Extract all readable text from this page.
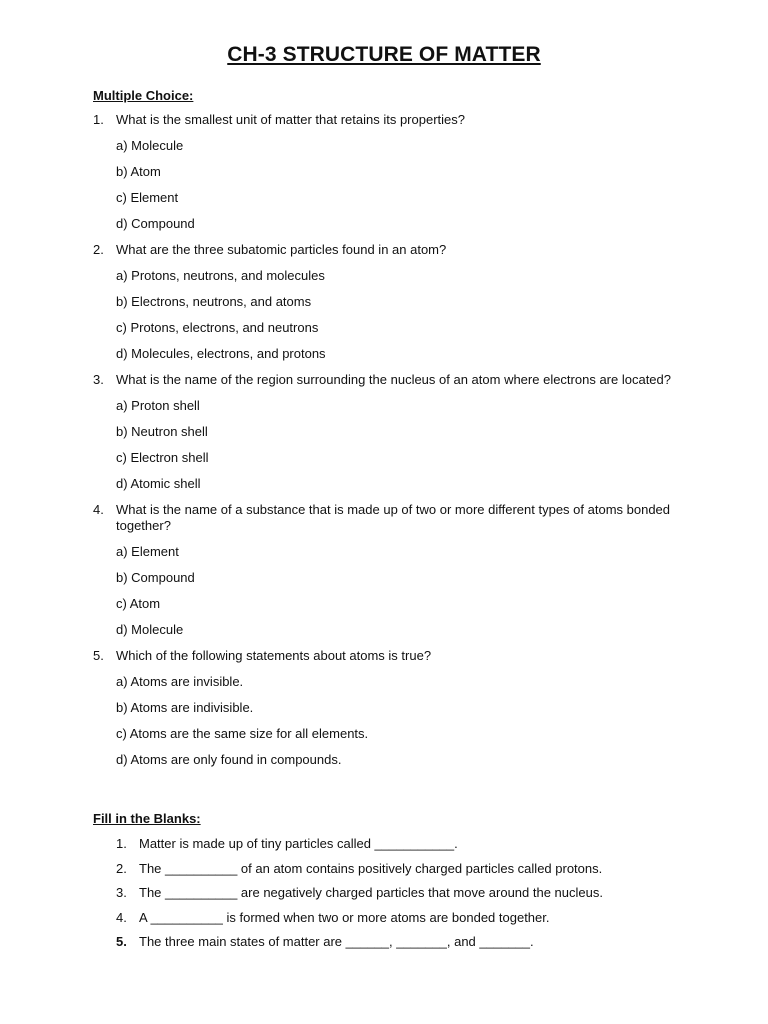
CH-3 STRUCTURE OF MATTER
Multiple Choice:
1. What is the smallest unit of matter that retains its properties?
a) Molecule
b) Atom
c) Element
d) Compound
2. What are the three subatomic particles found in an atom?
a) Protons, neutrons, and molecules
b) Electrons, neutrons, and atoms
c) Protons, electrons, and neutrons
d) Molecules, electrons, and protons
3. What is the name of the region surrounding the nucleus of an atom where electrons are located?
a) Proton shell
b) Neutron shell
c) Electron shell
d) Atomic shell
4. What is the name of a substance that is made up of two or more different types of atoms bonded together?
a) Element
b) Compound
c) Atom
d) Molecule
5. Which of the following statements about atoms is true?
a) Atoms are invisible.
b) Atoms are indivisible.
c) Atoms are the same size for all elements.
d) Atoms are only found in compounds.
Fill in the Blanks:
1. Matter is made up of tiny particles called ___________.
2. The __________ of an atom contains positively charged particles called protons.
3. The __________ are negatively charged particles that move around the nucleus.
4. A __________ is formed when two or more atoms are bonded together.
5. The three main states of matter are ______, _______, and _______.
